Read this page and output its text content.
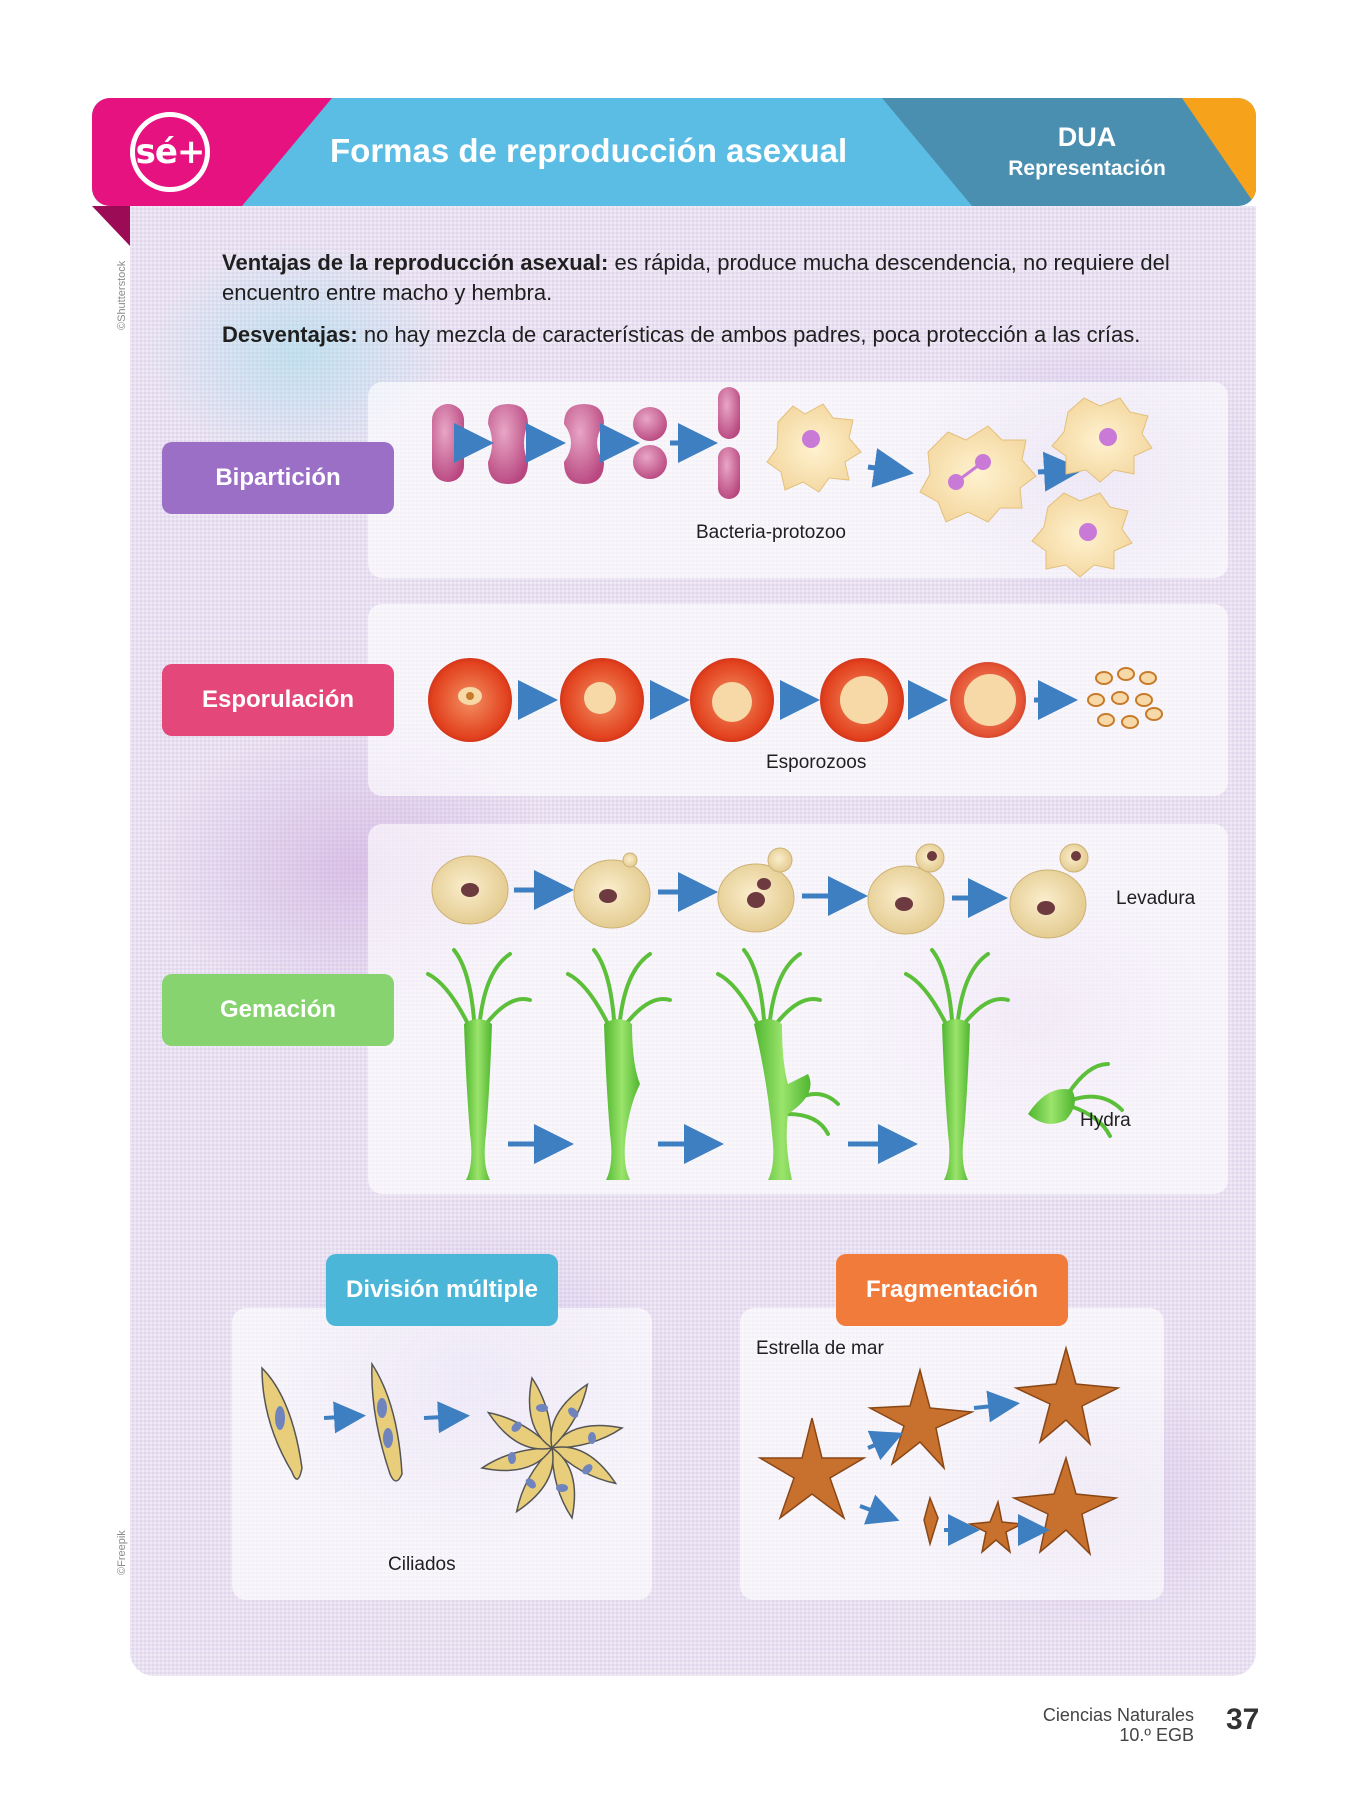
sé+	Formas de reproducción asexual	DUA
Representación
©Shutterstock
©Freepik

Ventajas de la reproducción asexual: es rápida, produce mucha descendencia, no requiere del encuentro entre macho y hembra.

Desventajas: no hay mezcla de características de ambos padres, poca protección a las crías.

Bacteria-protozoo
Bipartición
Esporozoos
Esporulación
Levadura
Hydra
Gemación
Ciliados
División múltiple
Estrella de mar
Fragmentación
Ciencias Naturales
10.º EGB 37
